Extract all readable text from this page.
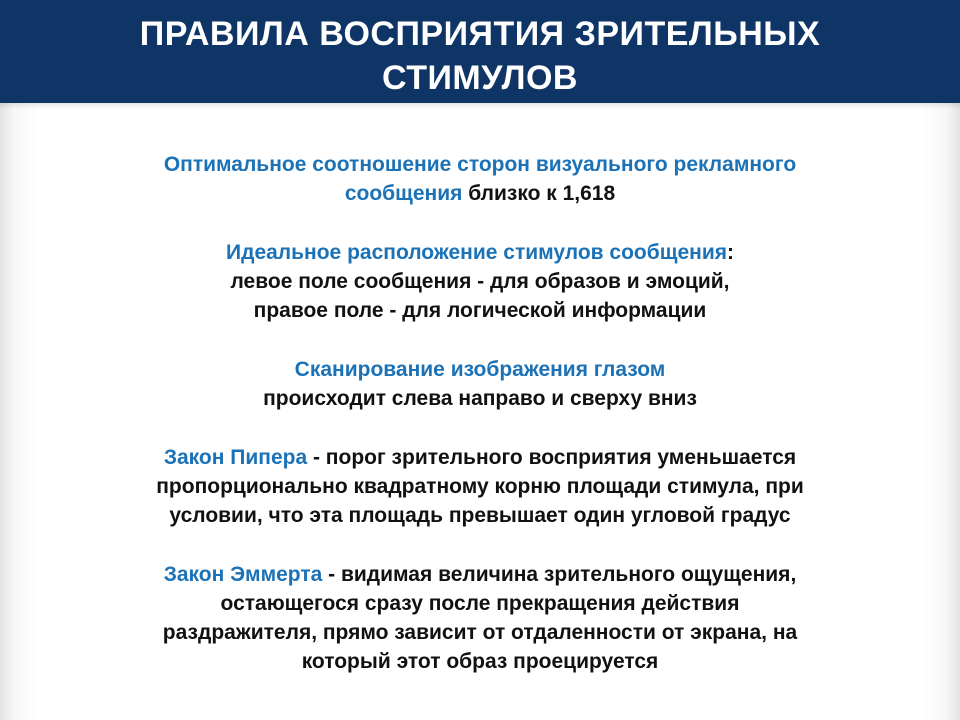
ПРАВИЛА ВОСПРИЯТИЯ ЗРИТЕЛЬНЫХ
СТИМУЛОВ
Оптимальное соотношение сторон визуального рекламного
сообщения близко к 1,618
Идеальное расположение стимулов сообщения:
левое поле сообщения - для образов и эмоций,
правое поле - для логической информации
Сканирование изображения глазом
происходит слева направо и сверху вниз
Закон Пипера - порог зрительного восприятия уменьшается
пропорционально квадратному корню площади стимула, при
условии, что эта площадь превышает один угловой градус
Закон Эммерта - видимая величина зрительного ощущения,
остающегося сразу после прекращения действия
раздражителя, прямо зависит от отдаленности от экрана, на
который этот образ проецируется
